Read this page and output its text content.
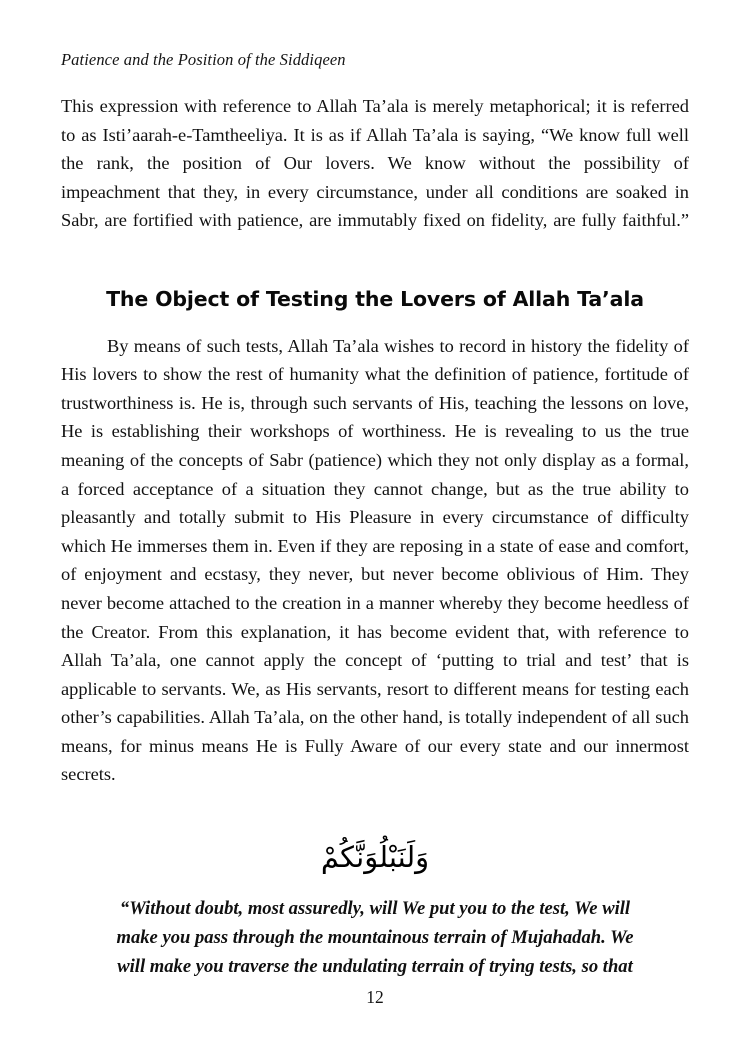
Patience and the Position of the Siddiqeen

This expression with reference to Allah Ta’ala is merely metaphorical; it is referred to as Isti’aarah-e-Tamtheeliya. It is as if Allah Ta’ala is saying, “We know full well the rank, the position of Our lovers. We know without the possibility of impeachment that they, in every circumstance, under all conditions are soaked in Sabr, are fortified with patience, are immutably fixed on fidelity, are fully faithful.”

The Object of Testing the Lovers of Allah Ta’ala

By means of such tests, Allah Ta’ala wishes to record in history the fidelity of His lovers to show the rest of humanity what the definition of patience, fortitude of trustworthiness is. He is, through such servants of His, teaching the lessons on love, He is establishing their workshops of worthiness. He is revealing to us the true meaning of the concepts of Sabr (patience) which they not only display as a formal, a forced acceptance of a situation they cannot change, but as the true ability to pleasantly and totally submit to His Pleasure in every circumstance of difficulty which He immerses them in. Even if they are reposing in a state of ease and comfort, of enjoyment and ecstasy, they never, but never become oblivious of Him. They never become attached to the creation in a manner whereby they become heedless of the Creator. From this explanation, it has become evident that, with reference to Allah Ta’ala, one cannot apply the concept of ‘putting to trial and test’ that is applicable to servants. We, as His servants, resort to different means for testing each other’s capabilities. Allah Ta’ala, on the other hand, is totally independent of all such means, for minus means He is Fully Aware of our every state and our innermost secrets.

وَلَنَبْلُوَنَّكُمْ
“Without doubt, most assuredly, will We put you to the test, We will
make you pass through the mountainous terrain of Mujahadah. We
will make you traverse the undulating terrain of trying tests, so that
12
